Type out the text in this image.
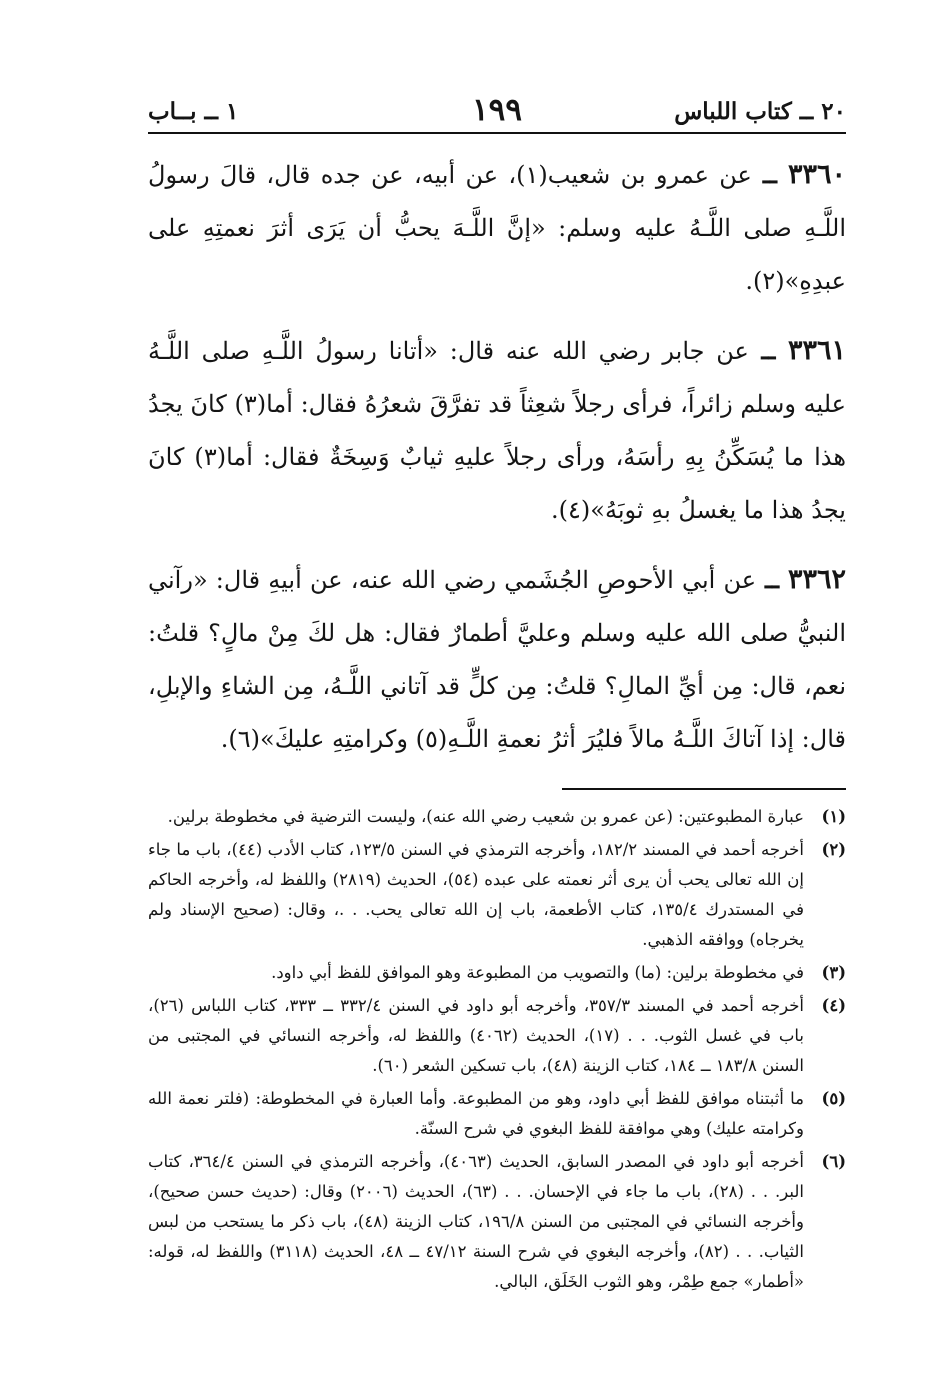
٢٠ ــ كتاب اللباس
١٩٩
١ ــ بــاب

٣٣٦٠ ــ عن عمرو بن شعيب(١)، عن أبيه، عن جده قال، قالَ رسولُ اللَّـهِ صلى اللَّـهُ عليه وسلم: «إنَّ اللَّـهَ يحبُّ أن يَرَى أثرَ نعمتِهِ على عبدِهِ»(٢).

٣٣٦١ ــ عن جابر رضي الله عنه قال: «أتانا رسولُ اللَّـهِ صلى اللَّـهُ عليه وسلم زائراً، فرأى رجلاً شعِثاً قد تفرَّقَ شعرُهُ فقال: أما(٣) كانَ يجدُ هذا ما يُسَكِّنُ بِهِ رأسَهُ، ورأى رجلاً عليهِ ثيابٌ وَسِخَةٌ فقال: أما(٣) كانَ يجدُ هذا ما يغسلُ بهِ ثوبَهُ»(٤).

٣٣٦٢ ــ عن أبي الأحوصِ الجُشَمي رضي الله عنه، عن أبيهِ قال: «رآني النبيُّ صلى الله عليه وسلم وعليَّ أطمارٌ فقال: هل لكَ مِنْ مالٍ؟ قلتُ: نعم، قال: مِن أيِّ المالِ؟ قلتُ: مِن كلٍّ قد آتاني اللَّـهُ، مِن الشاءِ والإبلِ، قال: إذا آتاكَ اللَّـهُ مالاً فليُرَ أثرُ نعمةِ اللَّـهِ(٥) وكرامتِهِ عليكَ»(٦).

(١)
عبارة المطبوعتين: (عن عمرو بن شعيب رضي الله عنه)، وليست الترضية في مخطوطة برلين.
(٢)
أخرجه أحمد في المسند ١٨٢/٢، وأخرجه الترمذي في السنن ١٢٣/٥، كتاب الأدب (٤٤)، باب ما جاء إن الله تعالى يحب أن يرى أثر نعمته على عبده (٥٤)، الحديث (٢٨١٩) واللفظ له، وأخرجه الحاكم في المستدرك ١٣٥/٤، كتاب الأطعمة، باب إن الله تعالى يحب. . .، وقال: (صحيح الإسناد ولم يخرجاه) ووافقه الذهبي.
(٣)
في مخطوطة برلين: (ما) والتصويب من المطبوعة وهو الموافق للفظ أبي داود.
(٤)
أخرجه أحمد في المسند ٣٥٧/٣، وأخرجه أبو داود في السنن ٣٣٢/٤ ــ ٣٣٣، كتاب اللباس (٢٦)، باب في غسل الثوب. . . (١٧)، الحديث (٤٠٦٢) واللفظ له، وأخرجه النسائي في المجتبى من السنن ١٨٣/٨ ــ ١٨٤، كتاب الزينة (٤٨)، باب تسكين الشعر (٦٠).
(٥)
ما أثبتناه موافق للفظ أبي داود، وهو من المطبوعة. وأما العبارة في المخطوطة: (فلتر نعمة الله وكرامته عليك) وهي موافقة للفظ البغوي في شرح السنّة.
(٦)
أخرجه أبو داود في المصدر السابق، الحديث (٤٠٦٣)، وأخرجه الترمذي في السنن ٣٦٤/٤، كتاب البر. . . (٢٨)، باب ما جاء في الإحسان. . . (٦٣)، الحديث (٢٠٠٦) وقال: (حديث حسن صحيح)، وأخرجه النسائي في المجتبى من السنن ١٩٦/٨، كتاب الزينة (٤٨)، باب ذكر ما يستحب من لبس الثياب. . . (٨٢)، وأخرجه البغوي في شرح السنة ٤٧/١٢ ــ ٤٨، الحديث (٣١١٨) واللفظ له، قوله: «أطمار» جمع طِمْر، وهو الثوب الخَلَق، البالي.
